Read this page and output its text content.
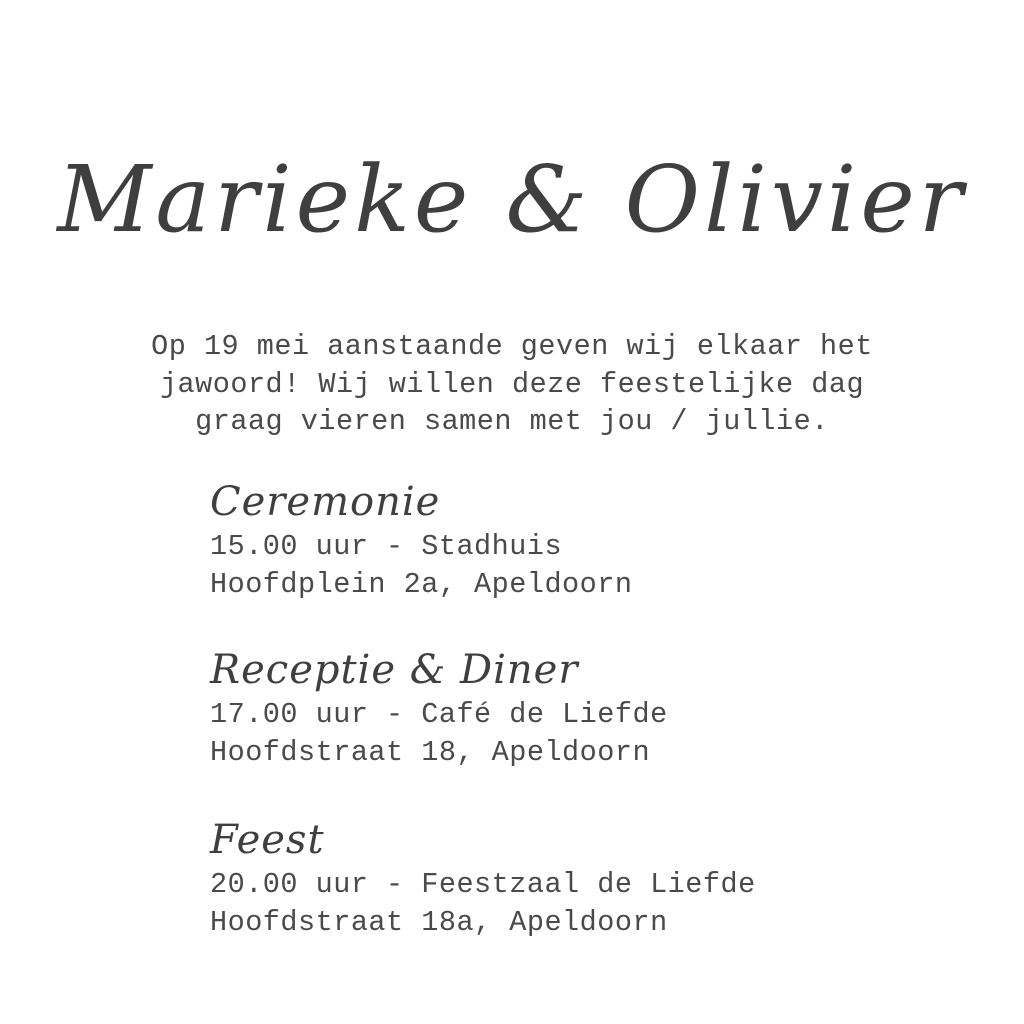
Marieke & Olivier
Op 19 mei aanstaande geven wij elkaar het
jawoord! Wij willen deze feestelijke dag
graag vieren samen met jou / jullie.
Ceremonie
15.00 uur - Stadhuis
Hoofdplein 2a, Apeldoorn
Receptie & Diner
17.00 uur - Café de Liefde
Hoofdstraat 18, Apeldoorn
Feest
20.00 uur - Feestzaal de Liefde
Hoofdstraat 18a, Apeldoorn
